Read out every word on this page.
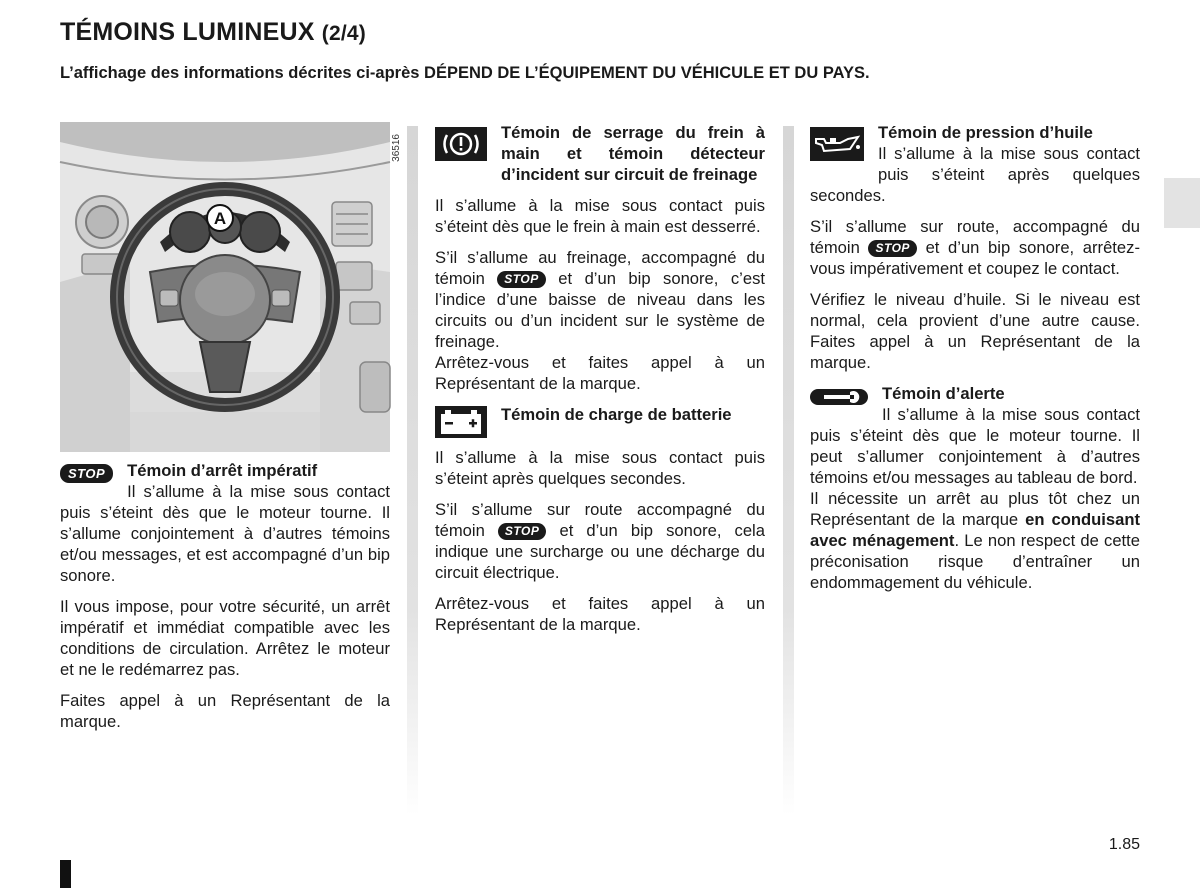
TÉMOINS LUMINEUX (2/4)
L’affichage des informations décrites ci-après DÉPEND DE L’ÉQUIPEMENT DU VÉHICULE ET DU PAYS.
A
36516

STOP	Témoin d’arrêt impératif
Il s’allume à la mise sous contact puis s’éteint dès que le moteur tourne. Il s’allume conjointement à d’autres témoins et/ou messages, et est accompagné d’un bip sonore.

Il vous impose, pour votre sécurité, un arrêt impératif et immédiat compatible avec les conditions de circulation. Arrêtez le moteur et ne le redémarrez pas.

Faites appel à un Représentant de la marque.

Témoin de serrage du frein à main et témoin détecteur d’incident sur circuit de freinage

Il s’allume à la mise sous contact puis s’éteint dès que le frein à main est desserré.

S’il s’allume au freinage, accompagné du témoin STOP et d’un bip sonore, c’est l’indice d’une baisse de niveau dans les circuits ou d’un incident sur le système de freinage.

Arrêtez-vous et faites appel à un Représentant de la marque.

Témoin de charge de batterie

Il s’allume à la mise sous contact puis s’éteint après quelques secondes.

S’il s’allume sur route accompagné du témoin STOP et d’un bip sonore, cela indique une surcharge ou une décharge du circuit électrique.

Arrêtez-vous et faites appel à un Représentant de la marque.

Témoin de pression d’huile
Il s’allume à la mise sous contact puis s’éteint après quelques secondes.

S’il s’allume sur route, accompagné du témoin STOP et d’un bip sonore, arrêtez-vous impérativement et coupez le contact.

Vérifiez le niveau d’huile. Si le niveau est normal, cela provient d’une autre cause. Faites appel à un Représentant de la marque.

Témoin d’alerte
Il s’allume à la mise sous contact puis s’éteint dès que le moteur tourne. Il peut s’allumer conjointement à d’autres témoins et/ou messages au tableau de bord.
Il nécessite un arrêt au plus tôt chez un Représentant de la marque en conduisant avec ménagement. Le non respect de cette préconisation risque d’entraîner un endommagement du véhicule.

1.85
